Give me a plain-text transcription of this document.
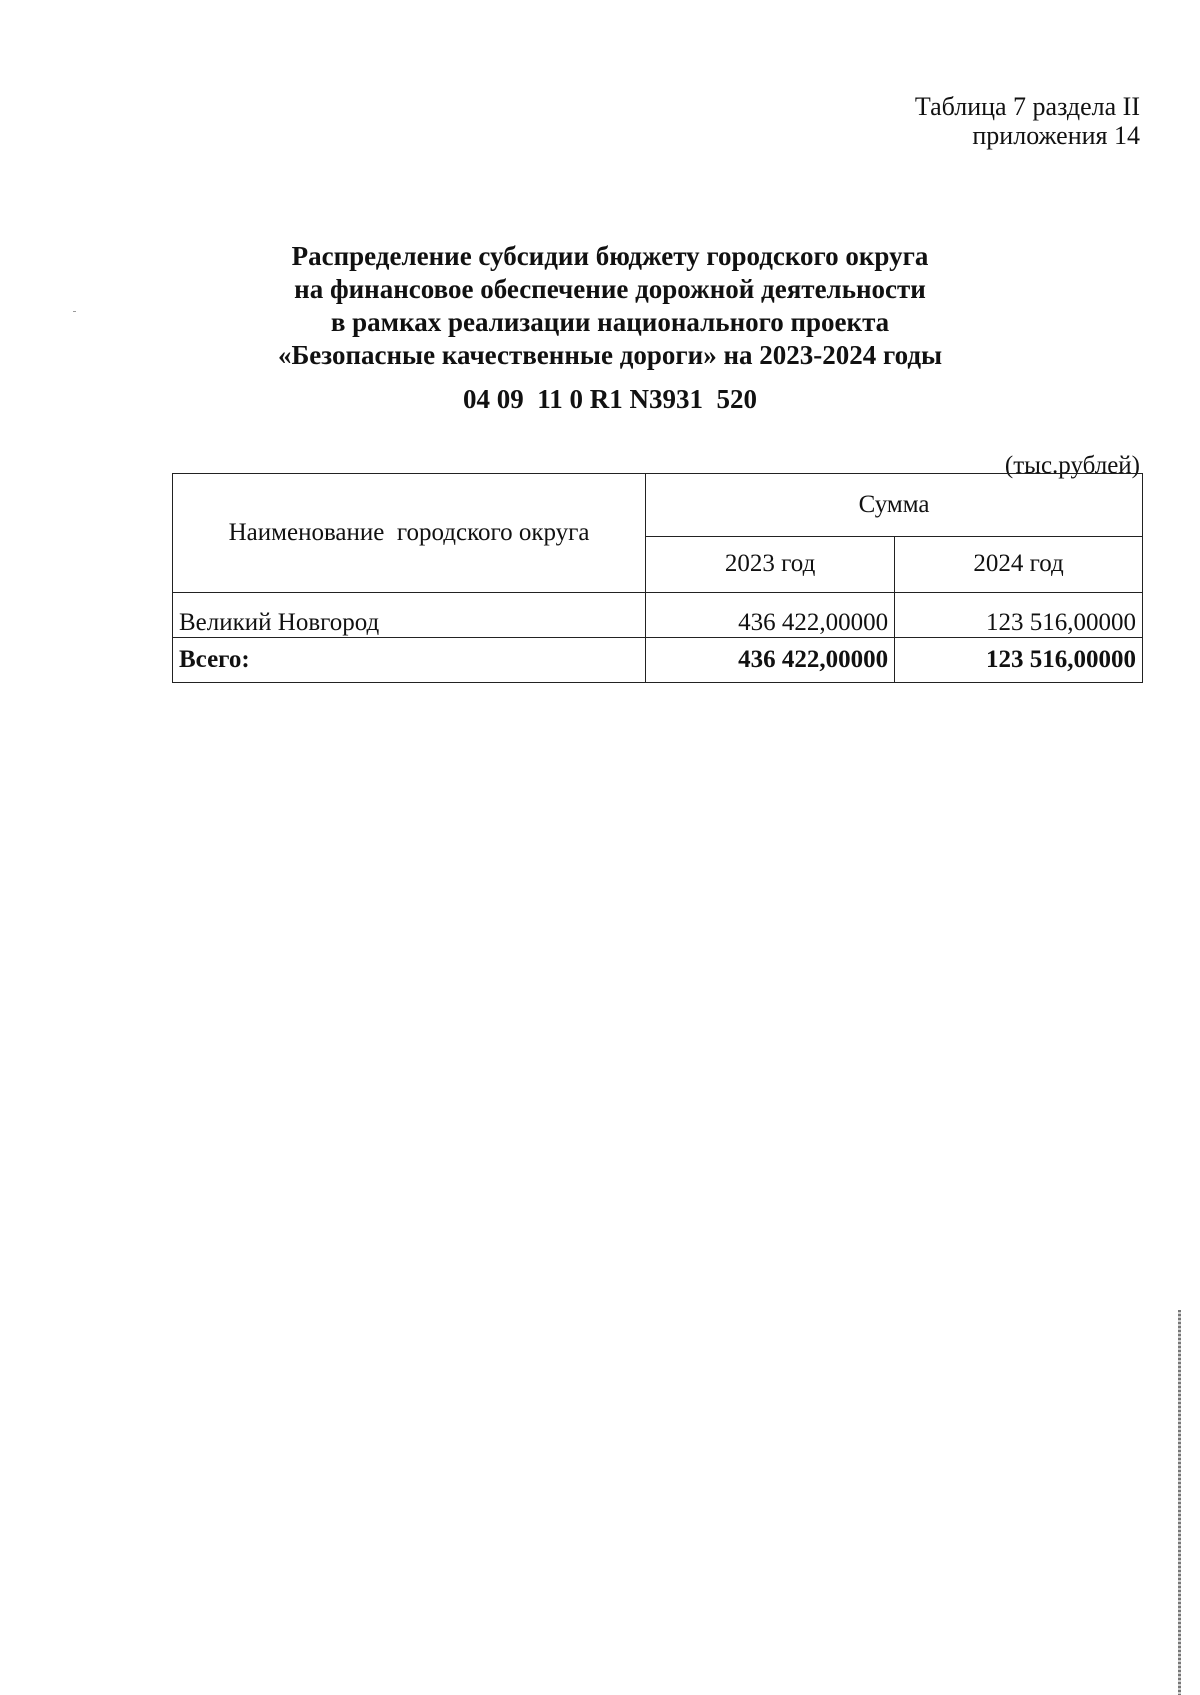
Таблица 7 раздела II
приложения 14
Распределение субсидии бюджету городского округа
на финансовое обеспечение дорожной деятельности
в рамках реализации национального проекта
«Безопасные качественные дороги» на 2023-2024 годы
04 09  11 0 R1 N3931  520
(тыс.рублей)
Наименование  городского округа	Сумма	
	2023 год	2024 год
Великий Новгород	436 422,00000	123 516,00000
Всего:	436 422,00000	123 516,00000
